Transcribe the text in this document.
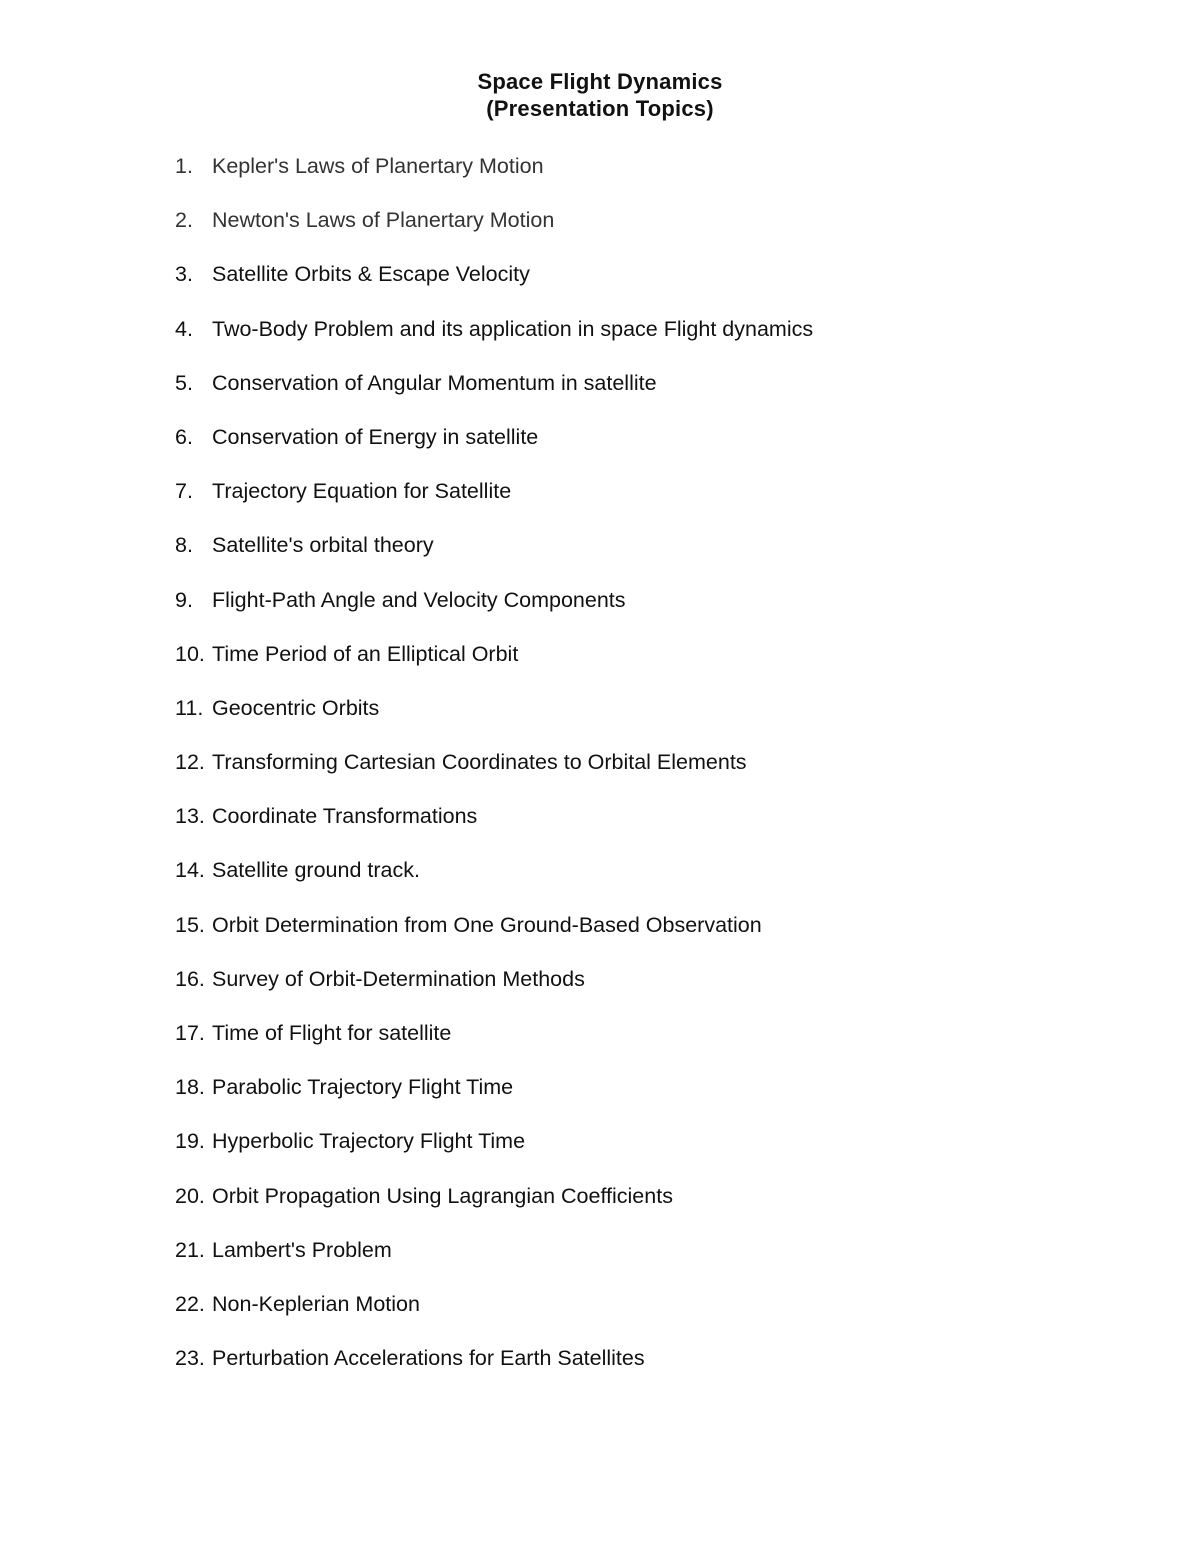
Space Flight Dynamics
(Presentation Topics)
1. Kepler's Laws of Planertary Motion
2. Newton's Laws of Planertary Motion
3. Satellite Orbits & Escape Velocity
4. Two-Body Problem and its application in space Flight dynamics
5. Conservation of Angular Momentum in satellite
6. Conservation of Energy in satellite
7. Trajectory Equation for Satellite
8. Satellite's orbital theory
9. Flight-Path Angle and Velocity Components
10. Time Period of an Elliptical Orbit
11. Geocentric Orbits
12. Transforming Cartesian Coordinates to Orbital Elements
13. Coordinate Transformations
14. Satellite ground track.
15. Orbit Determination from One Ground-Based Observation
16. Survey of Orbit-Determination Methods
17. Time of Flight for satellite
18. Parabolic Trajectory Flight Time
19. Hyperbolic Trajectory Flight Time
20. Orbit Propagation Using Lagrangian Coefficients
21. Lambert's Problem
22. Non-Keplerian Motion
23. Perturbation Accelerations for Earth Satellites
